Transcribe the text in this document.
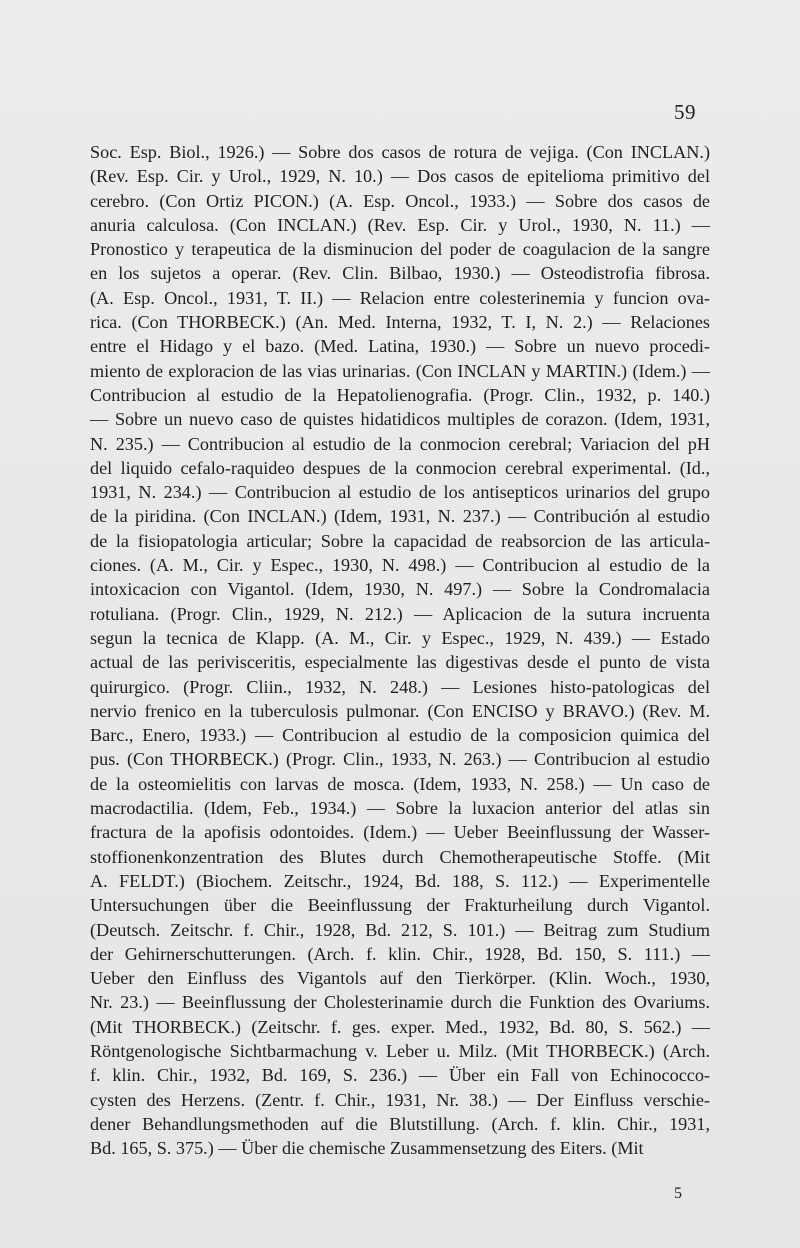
59
Soc. Esp. Biol., 1926.) — Sobre dos casos de rotura de vejiga. (Con INCLAN.)
(Rev. Esp. Cir. y Urol., 1929, N. 10.) — Dos casos de epitelioma primitivo del
cerebro. (Con Ortiz PICON.) (A. Esp. Oncol., 1933.) — Sobre dos casos de
anuria calculosa. (Con INCLAN.) (Rev. Esp. Cir. y Urol., 1930, N. 11.) —
Pronostico y terapeutica de la disminucion del poder de coagulacion de la sangre
en los sujetos a operar. (Rev. Clin. Bilbao, 1930.) — Osteodistrofia fibrosa.
(A. Esp. Oncol., 1931, T. II.) — Relacion entre colesterinemia y funcion ova-
rica. (Con THORBECK.) (An. Med. Interna, 1932, T. I, N. 2.) — Relaciones
entre el Hidago y el bazo. (Med. Latina, 1930.) — Sobre un nuevo procedi-
miento de exploracion de las vias urinarias. (Con INCLAN y MARTIN.) (Idem.) —
Contribucion al estudio de la Hepatolienografia. (Progr. Clin., 1932, p. 140.)
— Sobre un nuevo caso de quistes hidatidicos multiples de corazon. (Idem, 1931,
N. 235.) — Contribucion al estudio de la conmocion cerebral; Variacion del pH
del liquido cefalo-raquideo despues de la conmocion cerebral experimental. (Id.,
1931, N. 234.) — Contribucion al estudio de los antisepticos urinarios del grupo
de la piridina. (Con INCLAN.) (Idem, 1931, N. 237.) — Contribución al estudio
de la fisiopatologia articular; Sobre la capacidad de reabsorcion de las articula-
ciones. (A. M., Cir. y Espec., 1930, N. 498.) — Contribucion al estudio de la
intoxicacion con Vigantol. (Idem, 1930, N. 497.) — Sobre la Condromalacia
rotuliana. (Progr. Clin., 1929, N. 212.) — Aplicacion de la sutura incruenta
segun la tecnica de Klapp. (A. M., Cir. y Espec., 1929, N. 439.) — Estado
actual de las perivisceritis, especialmente las digestivas desde el punto de vista
quirurgico. (Progr. Cliin., 1932, N. 248.) — Lesiones histo-patologicas del
nervio frenico en la tuberculosis pulmonar. (Con ENCISO y BRAVO.) (Rev. M.
Barc., Enero, 1933.) — Contribucion al estudio de la composicion quimica del
pus. (Con THORBECK.) (Progr. Clin., 1933, N. 263.) — Contribucion al estudio
de la osteomielitis con larvas de mosca. (Idem, 1933, N. 258.) — Un caso de
macrodactilia. (Idem, Feb., 1934.) — Sobre la luxacion anterior del atlas sin
fractura de la apofisis odontoides. (Idem.) — Ueber Beeinflussung der Wasser-
stoffionenkonzentration des Blutes durch Chemotherapeutische Stoffe. (Mit
A. FELDT.) (Biochem. Zeitschr., 1924, Bd. 188, S. 112.) — Experimentelle
Untersuchungen über die Beeinflussung der Frakturheilung durch Vigantol.
(Deutsch. Zeitschr. f. Chir., 1928, Bd. 212, S. 101.) — Beitrag zum Studium
der Gehirnerschutterungen. (Arch. f. klin. Chir., 1928, Bd. 150, S. 111.) —
Ueber den Einfluss des Vigantols auf den Tierkörper. (Klin. Woch., 1930,
Nr. 23.) — Beeinflussung der Cholesterinamie durch die Funktion des Ovariums.
(Mit THORBECK.) (Zeitschr. f. ges. exper. Med., 1932, Bd. 80, S. 562.) —
Röntgenologische Sichtbarmachung v. Leber u. Milz. (Mit THORBECK.) (Arch.
f. klin. Chir., 1932, Bd. 169, S. 236.) — Über ein Fall von Echinococco-
cysten des Herzens. (Zentr. f. Chir., 1931, Nr. 38.) — Der Einfluss verschie-
dener Behandlungsmethoden auf die Blutstillung. (Arch. f. klin. Chir., 1931,
Bd. 165, S. 375.) — Über die chemische Zusammensetzung des Eiters. (Mit
5
